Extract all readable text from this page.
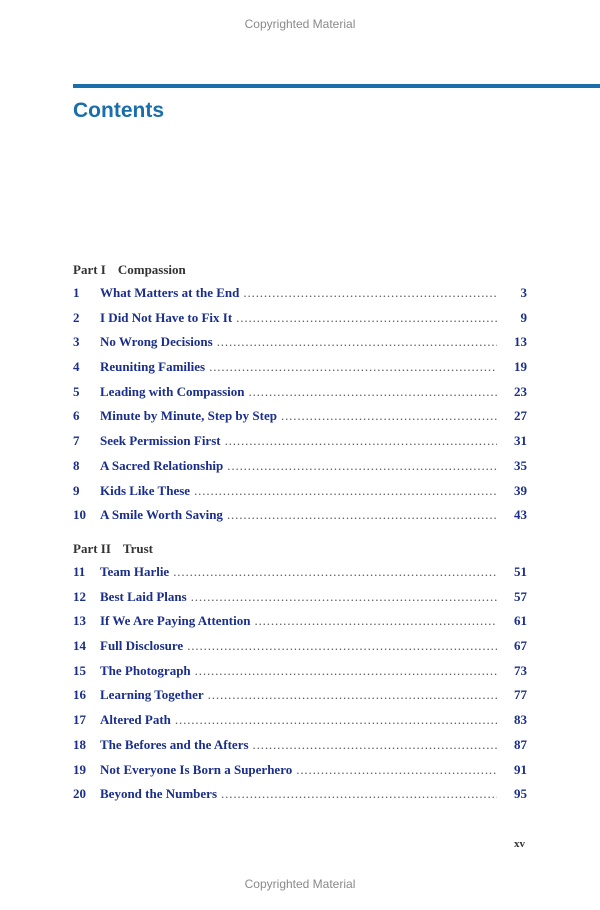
Copyrighted Material
Contents
Part I Compassion
1	What Matters at the End . . .	3
2	I Did Not Have to Fix It . . .	9
3	No Wrong Decisions . . .	13
4	Reuniting Families . . .	19
5	Leading with Compassion . . .	23
6	Minute by Minute, Step by Step . . .	27
7	Seek Permission First . . .	31
8	A Sacred Relationship . . .	35
9	Kids Like These . . .	39
10	A Smile Worth Saving . . .	43
Part II Trust
11	Team Harlie . . .	51
12	Best Laid Plans . . .	57
13	If We Are Paying Attention . . .	61
14	Full Disclosure . . .	67
15	The Photograph . . .	73
16	Learning Together . . .	77
17	Altered Path . . .	83
18	The Befores and the Afters . . .	87
19	Not Everyone Is Born a Superhero . . .	91
20	Beyond the Numbers . . .	95
xv
Copyrighted Material
